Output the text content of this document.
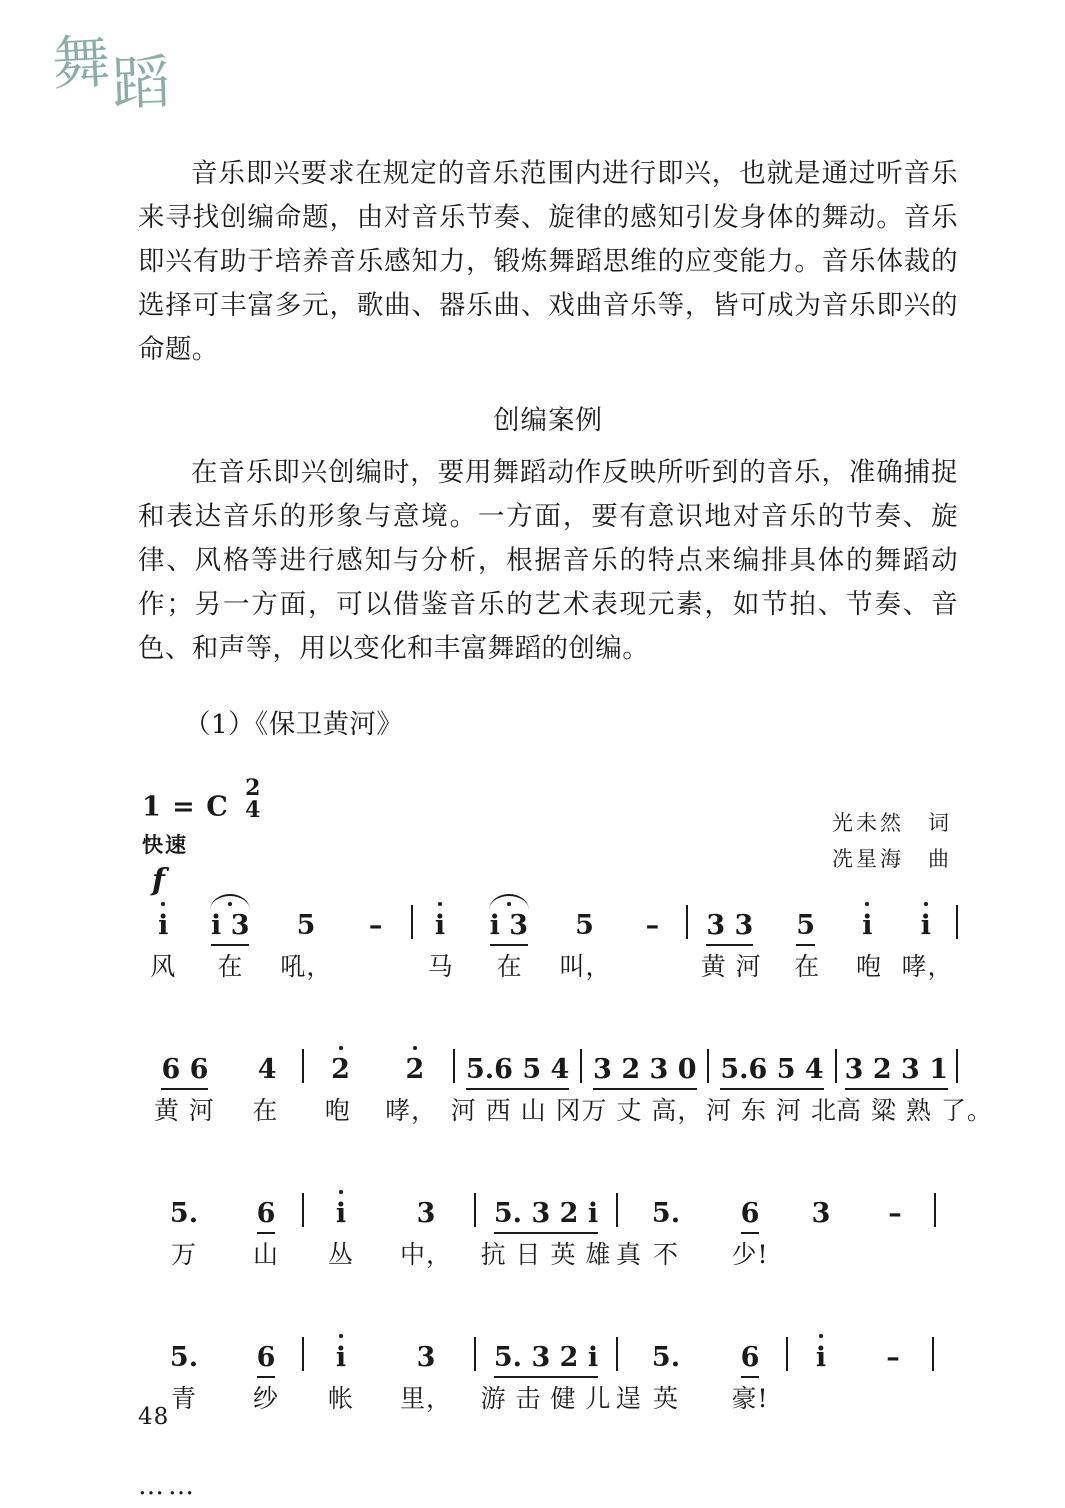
舞蹈

音乐即兴要求在规定的音乐范围内进行即兴，也就是通过听音乐来寻找创编命题，由对音乐节奏、旋律的感知引发身体的舞动。音乐即兴有助于培养音乐感知力，锻炼舞蹈思维的应变能力。音乐体裁的选择可丰富多元，歌曲、器乐曲、戏曲音乐等，皆可成为音乐即兴的命题。

创编案例

在音乐即兴创编时，要用舞蹈动作反映所听到的音乐，准确捕捉和表达音乐的形象与意境。一方面，要有意识地对音乐的节奏、旋律、风格等进行感知与分析，根据音乐的特点来编排具体的舞蹈动作；另一方面，可以借鉴音乐的艺术表现元素，如节拍、节奏、音色、和声等，用以变化和丰富舞蹈的创编。

（1）《保卫黄河》

1 = C
2
4
快速
光未然　词
冼星海　曲
f
i	i 3	5	–	i	i 3	5	–	3 3	5	i	i
风	在	吼，	马	在	叫，	黄 河	在	咆 哮，
6 6	4	2	2	5.6 5 4 3 2 3 0 5.6 5 4 3 2 3 1
黄 河	在	咆	哮， 河 西 山 冈 万 丈 高， 河 东 河 北 高 粱 熟 了。
5.	6	i	3	5. 3 2 i	5.	6	3	–
万	山	丛	中，	抗 日 英 雄 真 不	少!
5.	6	i	3	5. 3 2 i	5.	6	i	–
青	纱	帐	里，	游 击 健 儿 逞 英	豪!
……
48
